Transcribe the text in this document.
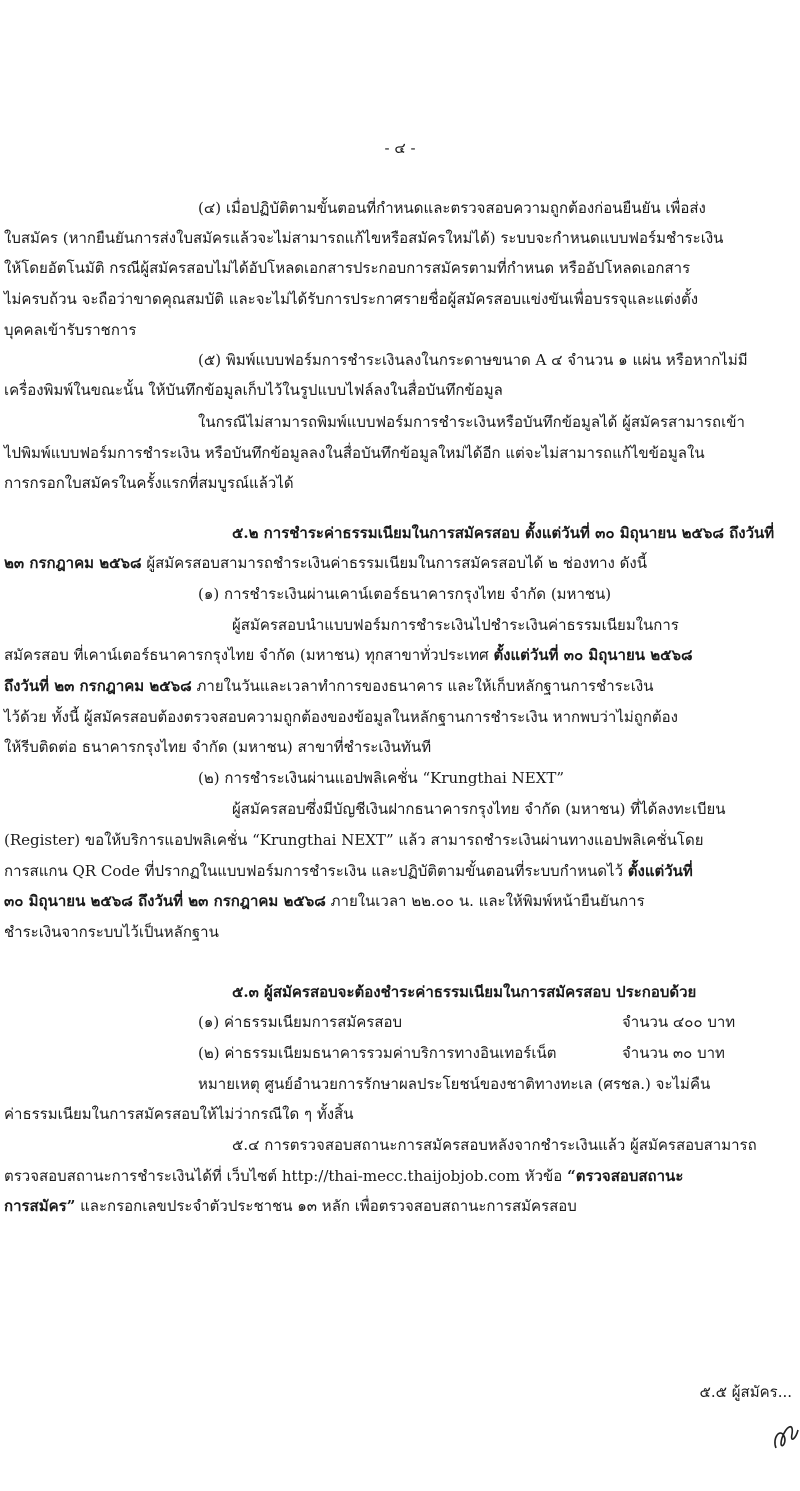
- ๔ -

(๔) เมื่อปฏิบัติตามขั้นตอนที่กำหนดและตรวจสอบความถูกต้องก่อนยืนยัน เพื่อส่ง

ใบสมัคร (หากยืนยันการส่งใบสมัครแล้วจะไม่สามารถแก้ไขหรือสมัครใหม่ได้) ระบบจะกำหนดแบบฟอร์มชำระเงิน

ให้โดยอัตโนมัติ กรณีผู้สมัครสอบไม่ได้อัปโหลดเอกสารประกอบการสมัครตามที่กำหนด หรืออัปโหลดเอกสาร

ไม่ครบถ้วน จะถือว่าขาดคุณสมบัติ และจะไม่ได้รับการประกาศรายชื่อผู้สมัครสอบแข่งขันเพื่อบรรจุและแต่งตั้ง

บุคคลเข้ารับราชการ

(๕) พิมพ์แบบฟอร์มการชำระเงินลงในกระดาษขนาด A ๔ จำนวน ๑ แผ่น หรือหากไม่มี

เครื่องพิมพ์ในขณะนั้น ให้บันทึกข้อมูลเก็บไว้ในรูปแบบไฟล์ลงในสื่อบันทึกข้อมูล

ในกรณีไม่สามารถพิมพ์แบบฟอร์มการชำระเงินหรือบันทึกข้อมูลได้ ผู้สมัครสามารถเข้า

ไปพิมพ์แบบฟอร์มการชำระเงิน หรือบันทึกข้อมูลลงในสื่อบันทึกข้อมูลใหม่ได้อีก แต่จะไม่สามารถแก้ไขข้อมูลใน

การกรอกใบสมัครในครั้งแรกที่สมบูรณ์แล้วได้

๕.๒ การชำระค่าธรรมเนียมในการสมัครสอบ ตั้งแต่วันที่ ๓๐ มิถุนายน ๒๕๖๘ ถึงวันที่

๒๓ กรกฎาคม ๒๕๖๘ ผู้สมัครสอบสามารถชำระเงินค่าธรรมเนียมในการสมัครสอบได้ ๒ ช่องทาง ดังนี้

(๑) การชำระเงินผ่านเคาน์เตอร์ธนาคารกรุงไทย จำกัด (มหาชน)

ผู้สมัครสอบนำแบบฟอร์มการชำระเงินไปชำระเงินค่าธรรมเนียมในการ

สมัครสอบ ที่เคาน์เตอร์ธนาคารกรุงไทย จำกัด (มหาชน) ทุกสาขาทั่วประเทศ ตั้งแต่วันที่ ๓๐ มิถุนายน ๒๕๖๘

ถึงวันที่ ๒๓ กรกฎาคม ๒๕๖๘ ภายในวันและเวลาทำการของธนาคาร และให้เก็บหลักฐานการชำระเงิน

ไว้ด้วย ทั้งนี้ ผู้สมัครสอบต้องตรวจสอบความถูกต้องของข้อมูลในหลักฐานการชำระเงิน หากพบว่าไม่ถูกต้อง

ให้รีบติดต่อ ธนาคารกรุงไทย จำกัด (มหาชน) สาขาที่ชำระเงินทันที

(๒) การชำระเงินผ่านแอปพลิเคชั่น “Krungthai NEXT”

ผู้สมัครสอบซึ่งมีบัญชีเงินฝากธนาคารกรุงไทย จำกัด (มหาชน) ที่ได้ลงทะเบียน

(Register) ขอให้บริการแอปพลิเคชั่น “Krungthai NEXT” แล้ว สามารถชำระเงินผ่านทางแอปพลิเคชั่นโดย

การสแกน QR Code ที่ปรากฏในแบบฟอร์มการชำระเงิน และปฏิบัติตามขั้นตอนที่ระบบกำหนดไว้ ตั้งแต่วันที่

๓๐ มิถุนายน ๒๕๖๘ ถึงวันที่ ๒๓ กรกฎาคม ๒๕๖๘ ภายในเวลา ๒๒.๐๐ น. และให้พิมพ์หน้ายืนยันการ

ชำระเงินจากระบบไว้เป็นหลักฐาน

๕.๓ ผู้สมัครสอบจะต้องชำระค่าธรรมเนียมในการสมัครสอบ ประกอบด้วย

(๑) ค่าธรรมเนียมการสมัครสอบ	จำนวน ๔๐๐ บาท

(๒) ค่าธรรมเนียมธนาคารรวมค่าบริการทางอินเทอร์เน็ต	จำนวน ๓๐ บาท

หมายเหตุ ศูนย์อำนวยการรักษาผลประโยชน์ของชาติทางทะเล (ศรชล.) จะไม่คืน

ค่าธรรมเนียมในการสมัครสอบให้ไม่ว่ากรณีใด ๆ ทั้งสิ้น

๕.๔ การตรวจสอบสถานะการสมัครสอบหลังจากชำระเงินแล้ว ผู้สมัครสอบสามารถ

ตรวจสอบสถานะการชำระเงินได้ที่ เว็บไซต์ http://thai-mecc.thaijobjob.com หัวข้อ “ตรวจสอบสถานะ

การสมัคร” และกรอกเลขประจำตัวประชาชน ๑๓ หลัก เพื่อตรวจสอบสถานะการสมัครสอบ

๕.๕ ผู้สมัคร...
